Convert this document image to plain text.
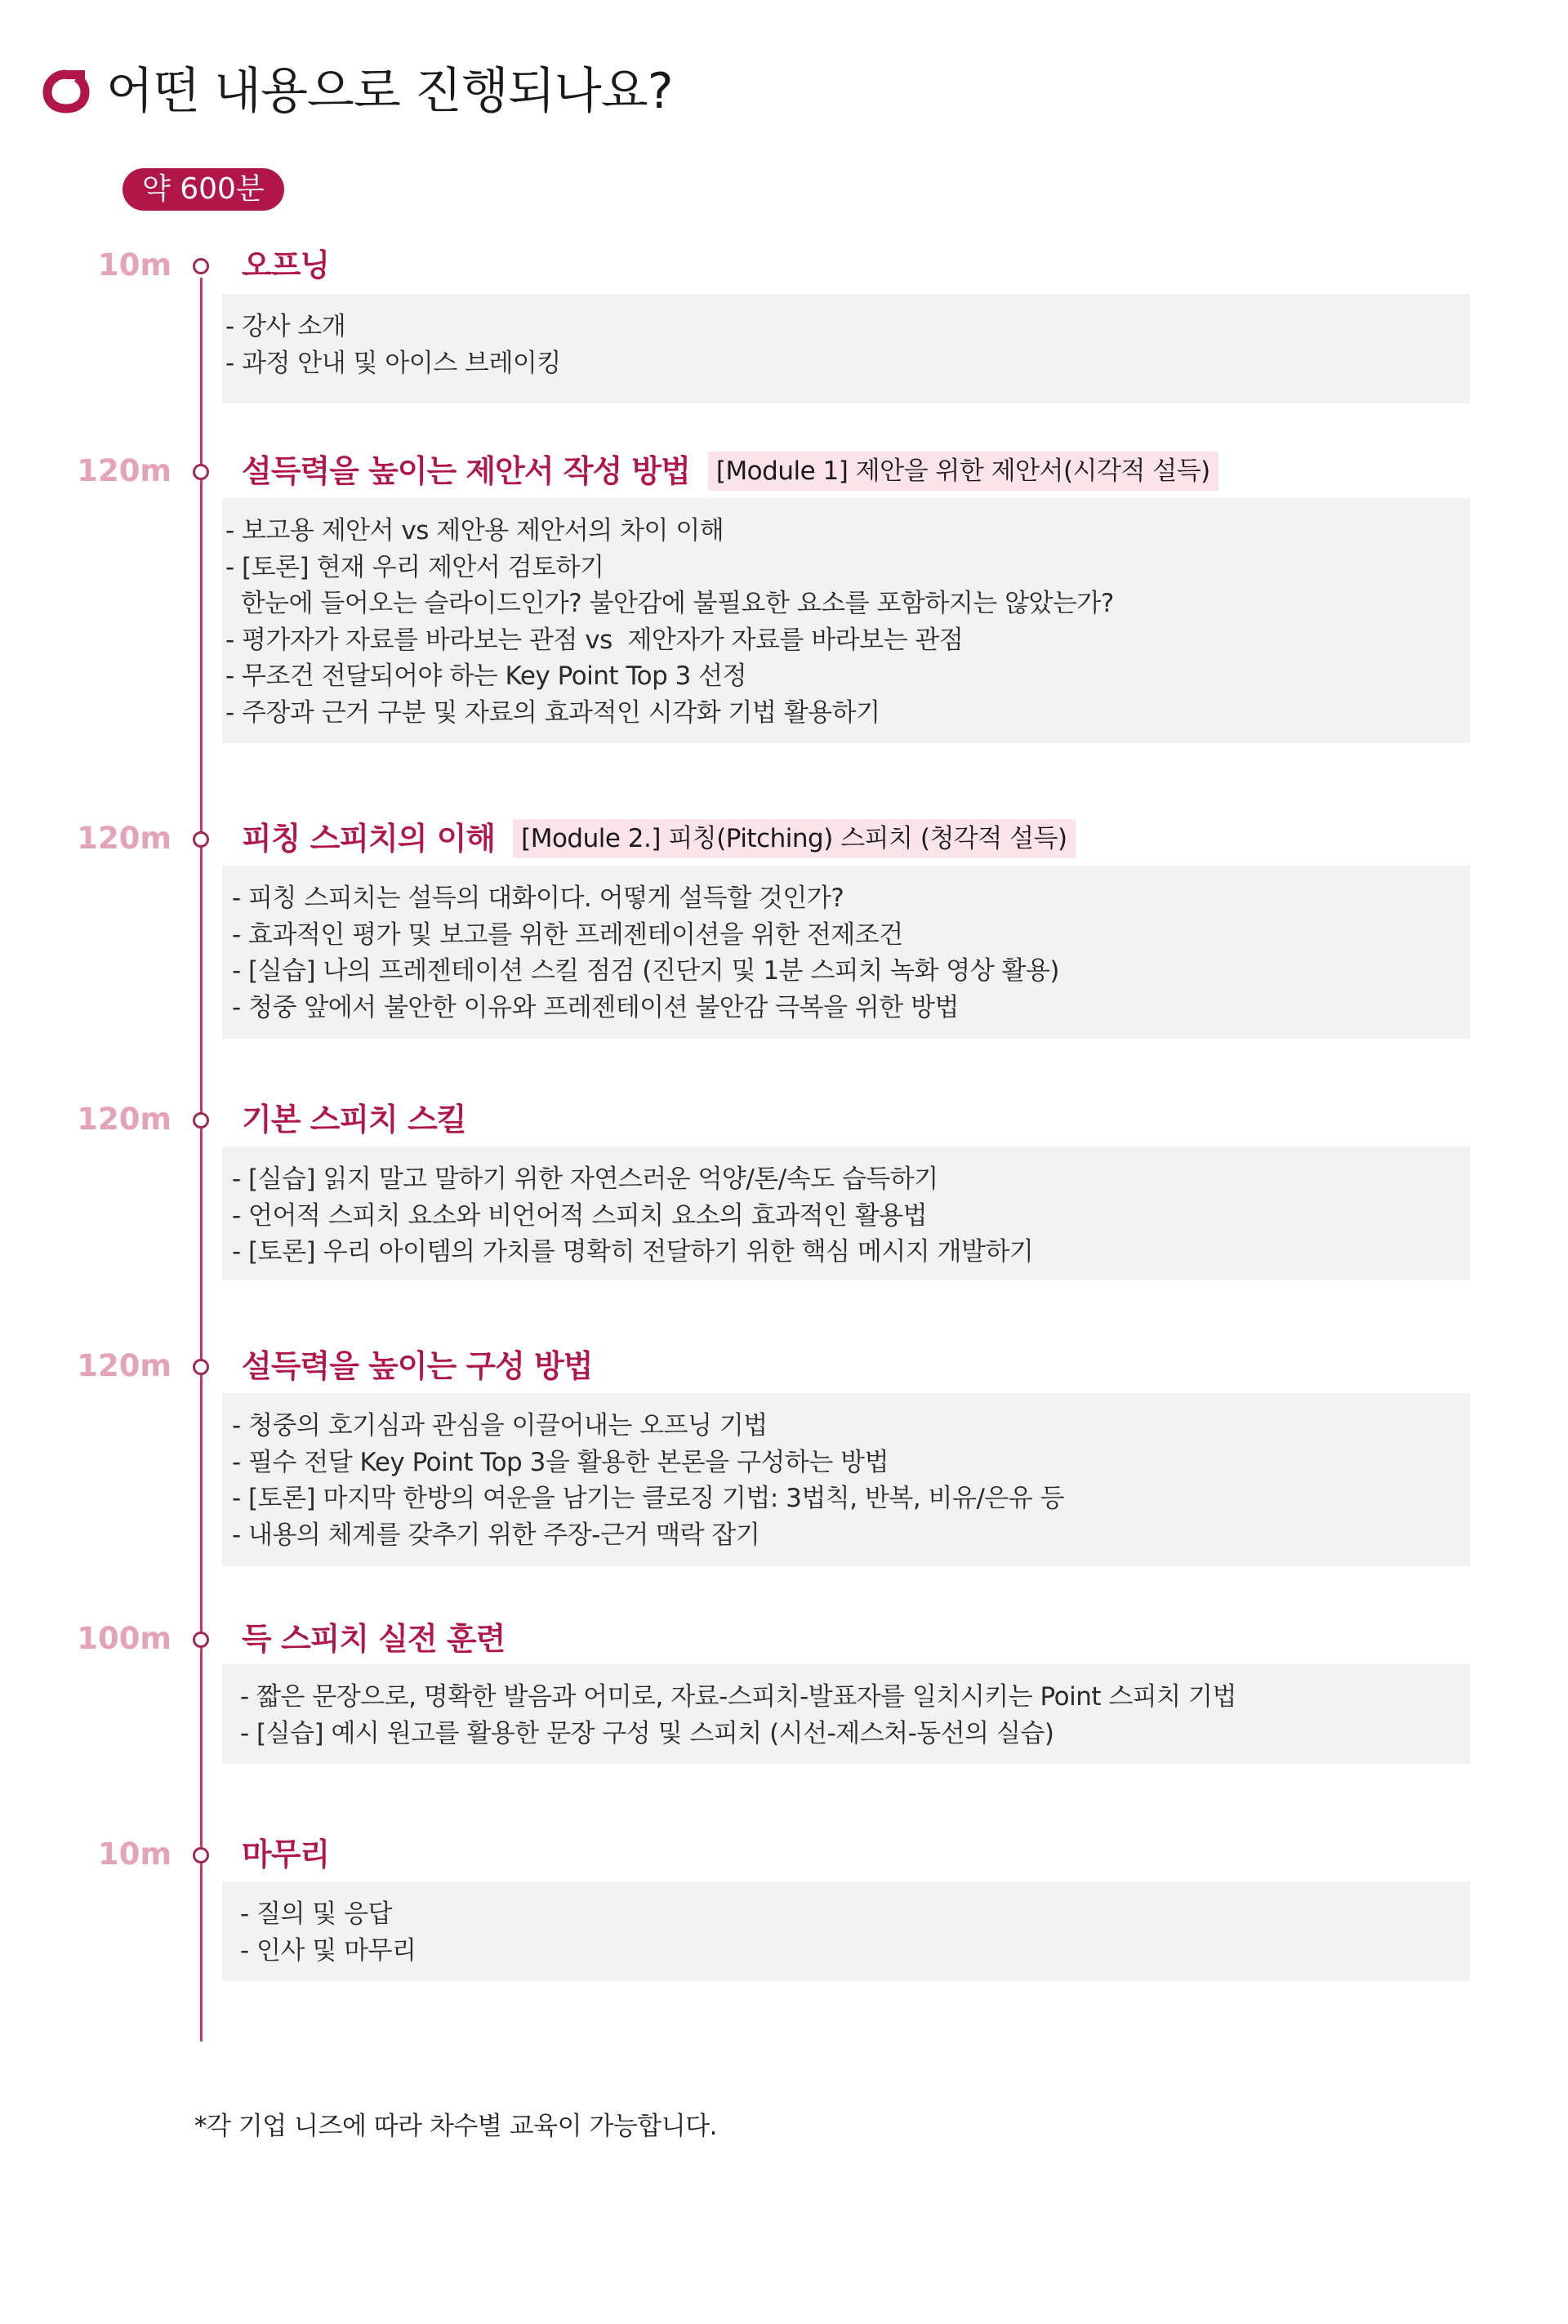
어떤 내용으로 진행되나요?
약 600분
10m 오프닝
- 강사 소개
- 과정 안내 및 아이스 브레이킹
120m 설득력을 높이는 제안서 작성 방법	[Module 1] 제안을 위한 제안서(시각적 설득)
- 보고용 제안서 vs 제안용 제안서의 차이 이해
- [토론] 현재 우리 제안서 검토하기
한눈에 들어오는 슬라이드인가? 불안감에 불필요한 요소를 포함하지는 않았는가?
- 평가자가 자료를 바라보는 관점 vs  제안자가 자료를 바라보는 관점
- 무조건 전달되어야 하는 Key Point Top 3 선정
- 주장과 근거 구분 및 자료의 효과적인 시각화 기법 활용하기
120m 피칭 스피치의 이해	[Module 2.] 피칭(Pitching) 스피치 (청각적 설득)
- 피칭 스피치는 설득의 대화이다. 어떻게 설득할 것인가?
- 효과적인 평가 및 보고를 위한 프레젠테이션을 위한 전제조건
- [실습] 나의 프레젠테이션 스킬 점검 (진단지 및 1분 스피치 녹화 영상 활용)
- 청중 앞에서 불안한 이유와 프레젠테이션 불안감 극복을 위한 방법
120m 기본 스피치 스킬
- [실습] 읽지 말고 말하기 위한 자연스러운 억양/톤/속도 습득하기
- 언어적 스피치 요소와 비언어적 스피치 요소의 효과적인 활용법
- [토론] 우리 아이템의 가치를 명확히 전달하기 위한 핵심 메시지 개발하기
120m 설득력을 높이는 구성 방법
- 청중의 호기심과 관심을 이끌어내는 오프닝 기법
- 필수 전달 Key Point Top 3을 활용한 본론을 구성하는 방법
- [토론] 마지막 한방의 여운을 남기는 클로징 기법: 3법칙, 반복, 비유/은유 등
- 내용의 체계를 갖추기 위한 주장-근거 맥락 잡기
100m 득 스피치 실전 훈련
- 짧은 문장으로, 명확한 발음과 어미로, 자료-스피치-발표자를 일치시키는 Point 스피치 기법
- [실습] 예시 원고를 활용한 문장 구성 및 스피치 (시선-제스처-동선의 실습)
10m 마무리
- 질의 및 응답
- 인사 및 마무리
*각 기업 니즈에 따라 차수별 교육이 가능합니다.
